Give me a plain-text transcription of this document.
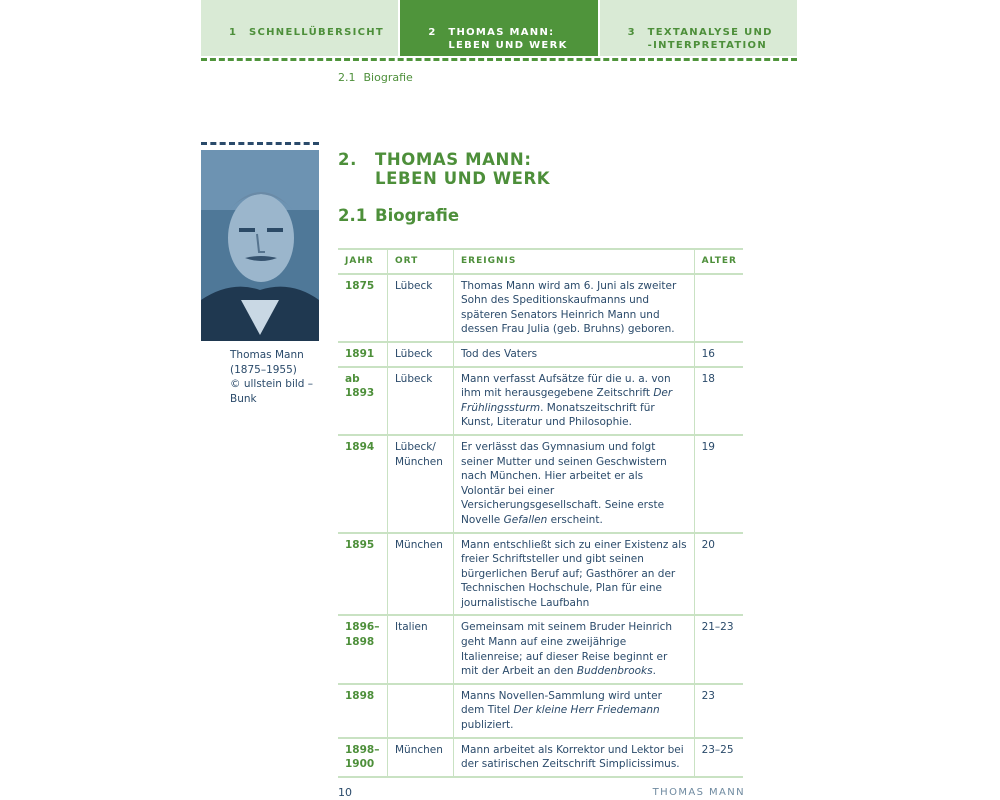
1	SCHNELLÜBERSICHT	2	THOMAS MANN:
LEBEN UND WERK
3	TEXTANALYSE UND
-INTERPRETATION
2.1 Biografie
Thomas Mann
(1875–1955)
© ullstein bild –
Bunk
2.	THOMAS MANN:
LEBEN UND WERK
2.1 Biografie
JAHR	ORT	EREIGNIS	ALTER
1875	Lübeck	Thomas Mann wird am 6. Juni als zweiter Sohn des Speditionskaufmanns und späteren Senators Heinrich Mann und dessen Frau Julia (geb. Bruhns) geboren.	
1891	Lübeck	Tod des Vaters	16
ab 1893	Lübeck	Mann verfasst Aufsätze für die u. a. von ihm mit herausgegebene Zeitschrift Der Frühlingssturm. Monatszeitschrift für Kunst, Literatur und Philosophie.	18
1894	Lübeck/ München	Er verlässt das Gymnasium und folgt seiner Mutter und seinen Geschwistern nach München. Hier arbeitet er als Volontär bei einer Versicherungsgesellschaft. Seine erste Novelle Gefallen erscheint.	19
1895	München	Mann entschließt sich zu einer Existenz als freier Schriftsteller und gibt seinen bürgerlichen Beruf auf; Gasthörer an der Technischen Hochschule, Plan für eine journalistische Laufbahn	20
1896–1898	Italien	Gemeinsam mit seinem Bruder Heinrich geht Mann auf eine zweijährige Italienreise; auf dieser Reise beginnt er mit der Arbeit an den Buddenbrooks.	21–23
1898		Manns Novellen-Sammlung wird unter dem Titel Der kleine Herr Friedemann publiziert.	23
1898–1900	München	Mann arbeitet als Korrektor und Lektor bei der satirischen Zeitschrift Simplicissimus.	23–25
10	THOMAS MANN
